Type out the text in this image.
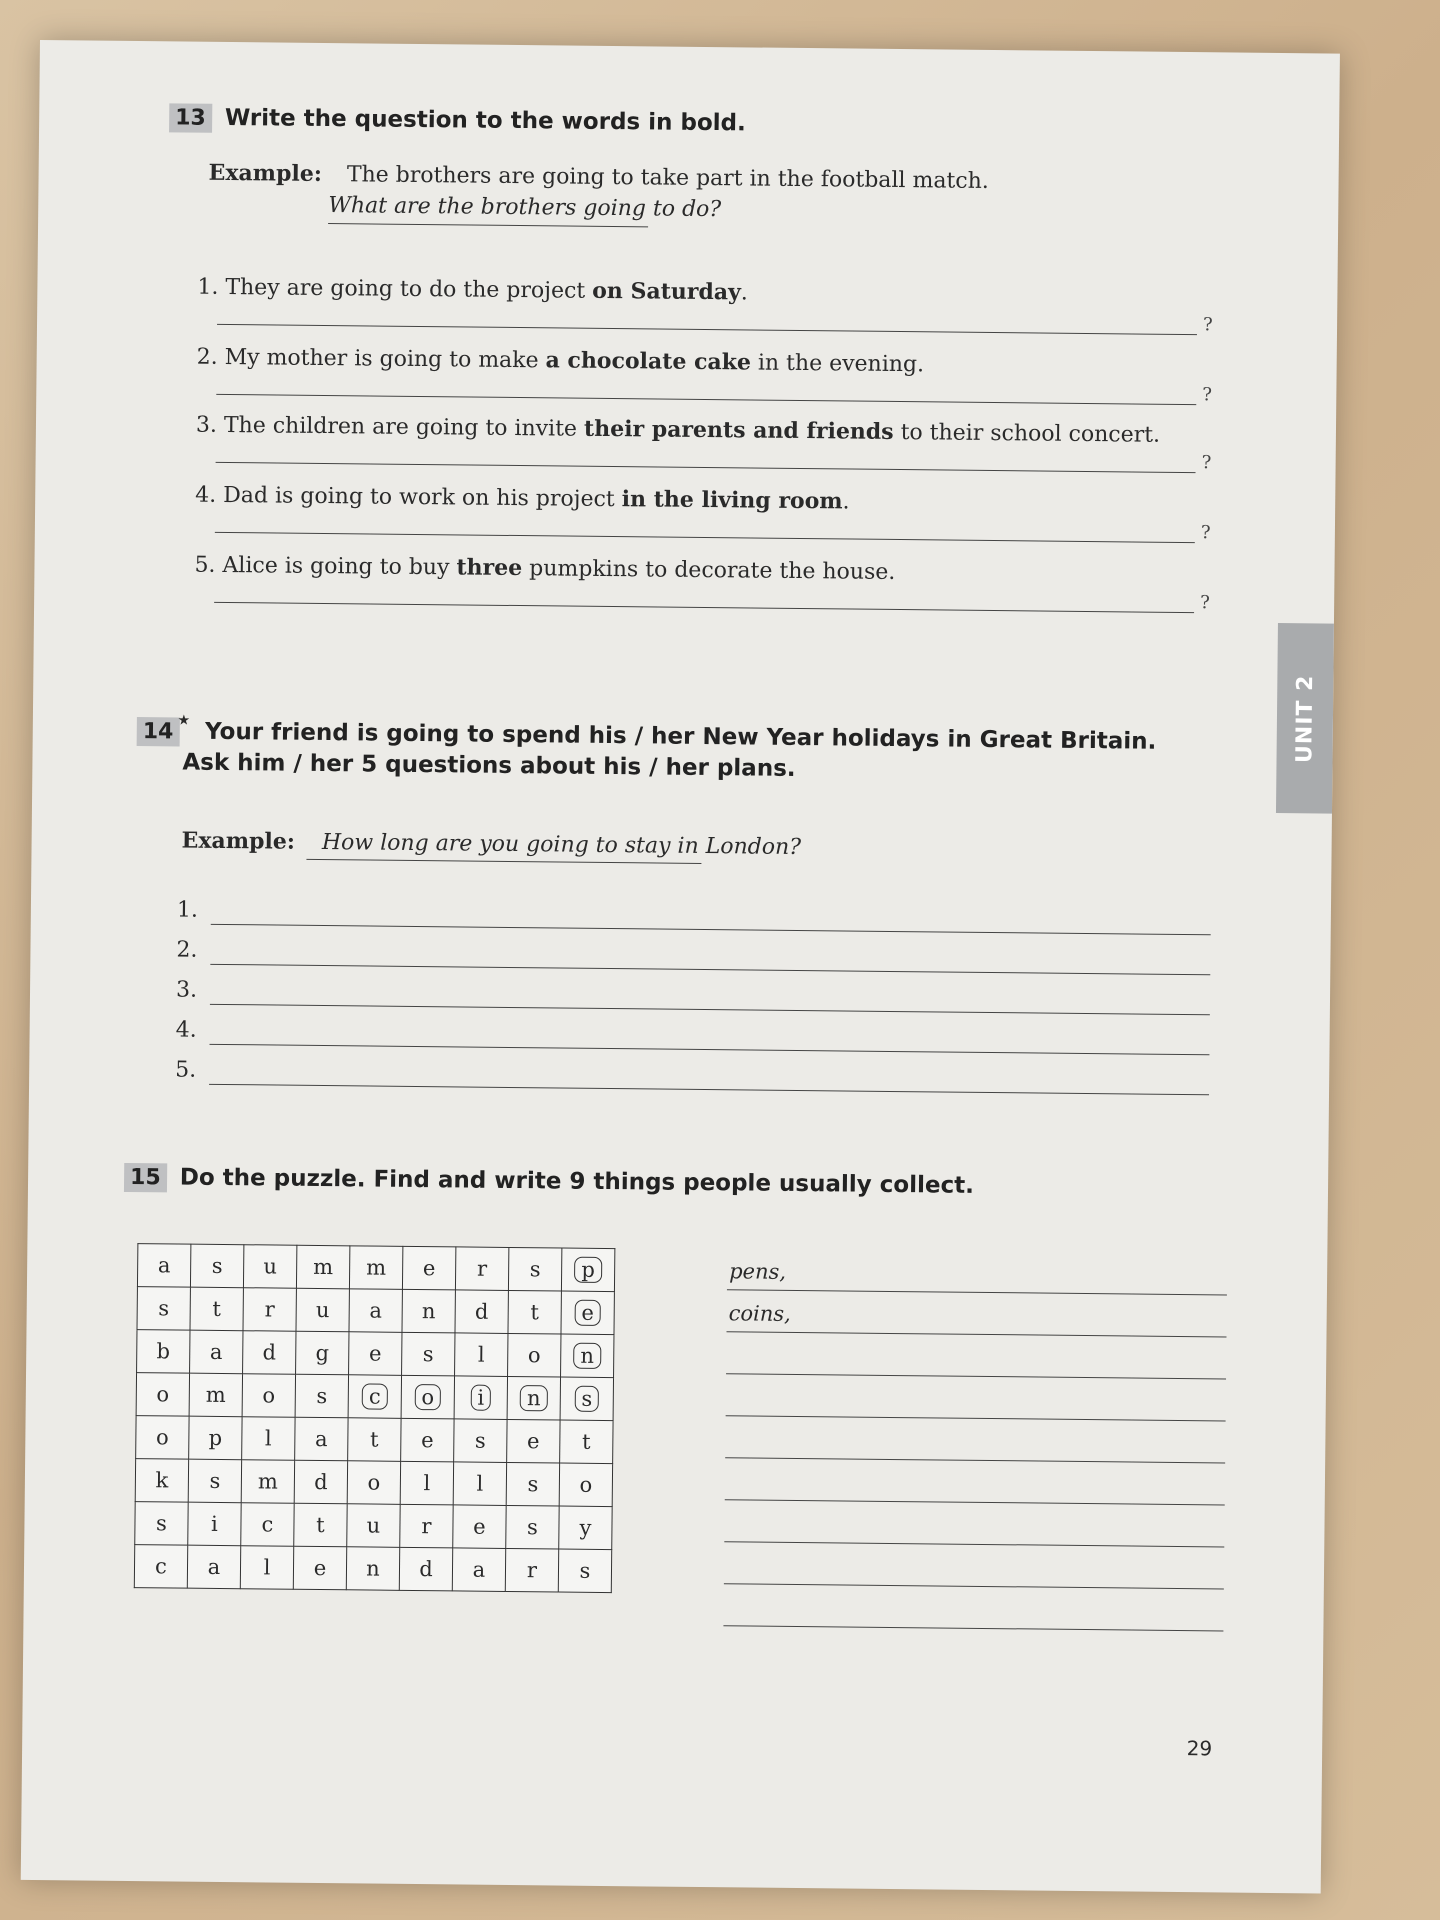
13 Write the question to the words in bold.
Example: The brothers are going to take part in the football match.
What are the brothers going to do?
1. They are going to do the project on Saturday.
?
2. My mother is going to make a chocolate cake in the evening.
?
3. The children are going to invite their parents and friends to their school concert.
?
4. Dad is going to work on his project in the living room.
?
5. Alice is going to buy three pumpkins to decorate the house.
?
UNIT 2
14 ★ Your friend is going to spend his / her New Year holidays in Great Britain.
Ask him / her 5 questions about his / her plans.
Example: How long are you going to stay in London?
1.
2.
3.
4.
5.
15 Do the puzzle. Find and write 9 things people usually collect.
a	s	u	m	m	e	r	s	p
s	t	r	u	a	n	d	t	e
b	a	d	g	e	s	l	o	n
o	m	o	s	c	o	i	n	s
o	p	l	a	t	e	s	e	t
k	s	m	d	o	l	l	s	o
s	i	c	t	u	r	e	s	y
c	a	l	e	n	d	a	r	s
pens,
coins,
29
